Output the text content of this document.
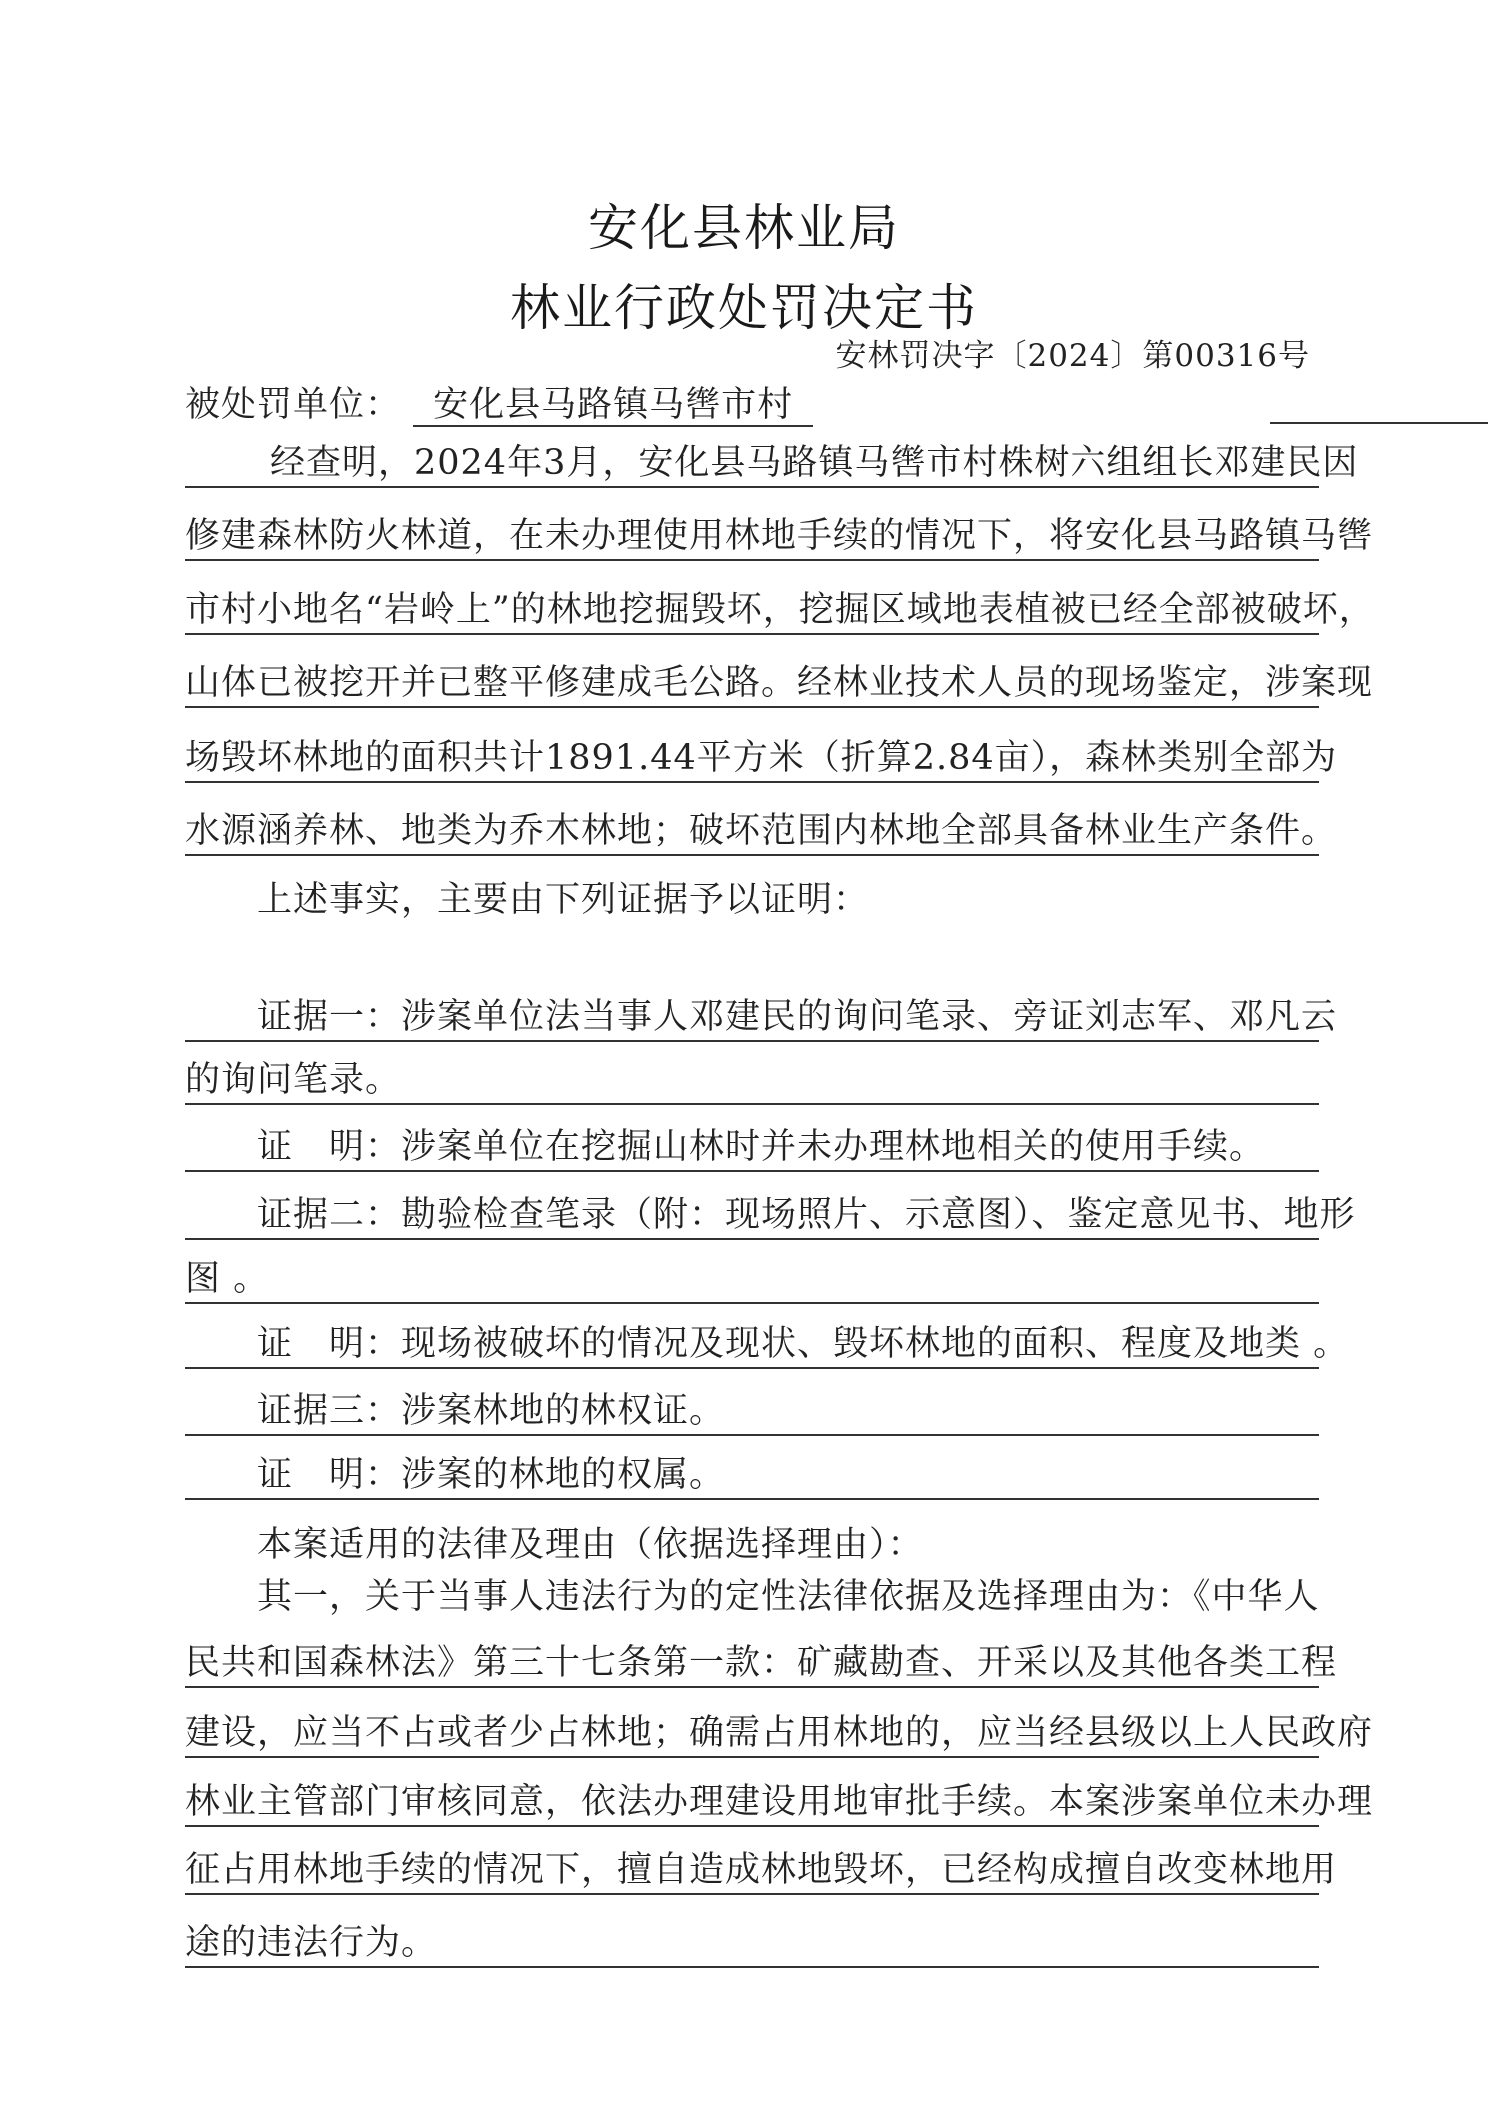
安化县林业局
林业行政处罚决定书
安林罚决字〔2024〕第00316号
被处罚单位： 安化县马路镇马辔市村
经查明，2024年3月，安化县马路镇马辔市村株树六组组长邓建民因
修建森林防火林道，在未办理使用林地手续的情况下，将安化县马路镇马辔
市村小地名“岩岭上”的林地挖掘毁坏，挖掘区域地表植被已经全部被破坏，
山体已被挖开并已整平修建成毛公路。经林业技术人员的现场鉴定，涉案现
场毁坏林地的面积共计1891.44平方米（折算2.84亩），森林类别全部为
水源涵养林、地类为乔木林地；破坏范围内林地全部具备林业生产条件。
上述事实，主要由下列证据予以证明：
证据一：涉案单位法当事人邓建民的询问笔录、旁证刘志军、邓凡云
的询问笔录。
证　明：涉案单位在挖掘山林时并未办理林地相关的使用手续。
证据二：勘验检查笔录（附：现场照片、示意图）、鉴定意见书、地形
图 。
证　明：现场被破坏的情况及现状、毁坏林地的面积、程度及地类 。
证据三：涉案林地的林权证。
证　明：涉案的林地的权属。
本案适用的法律及理由（依据选择理由）：
其一，关于当事人违法行为的定性法律依据及选择理由为：《中华人
民共和国森林法》第三十七条第一款：矿藏勘查、开采以及其他各类工程
建设，应当不占或者少占林地；确需占用林地的，应当经县级以上人民政府
林业主管部门审核同意，依法办理建设用地审批手续。本案涉案单位未办理
征占用林地手续的情况下，擅自造成林地毁坏，已经构成擅自改变林地用
途的违法行为。
